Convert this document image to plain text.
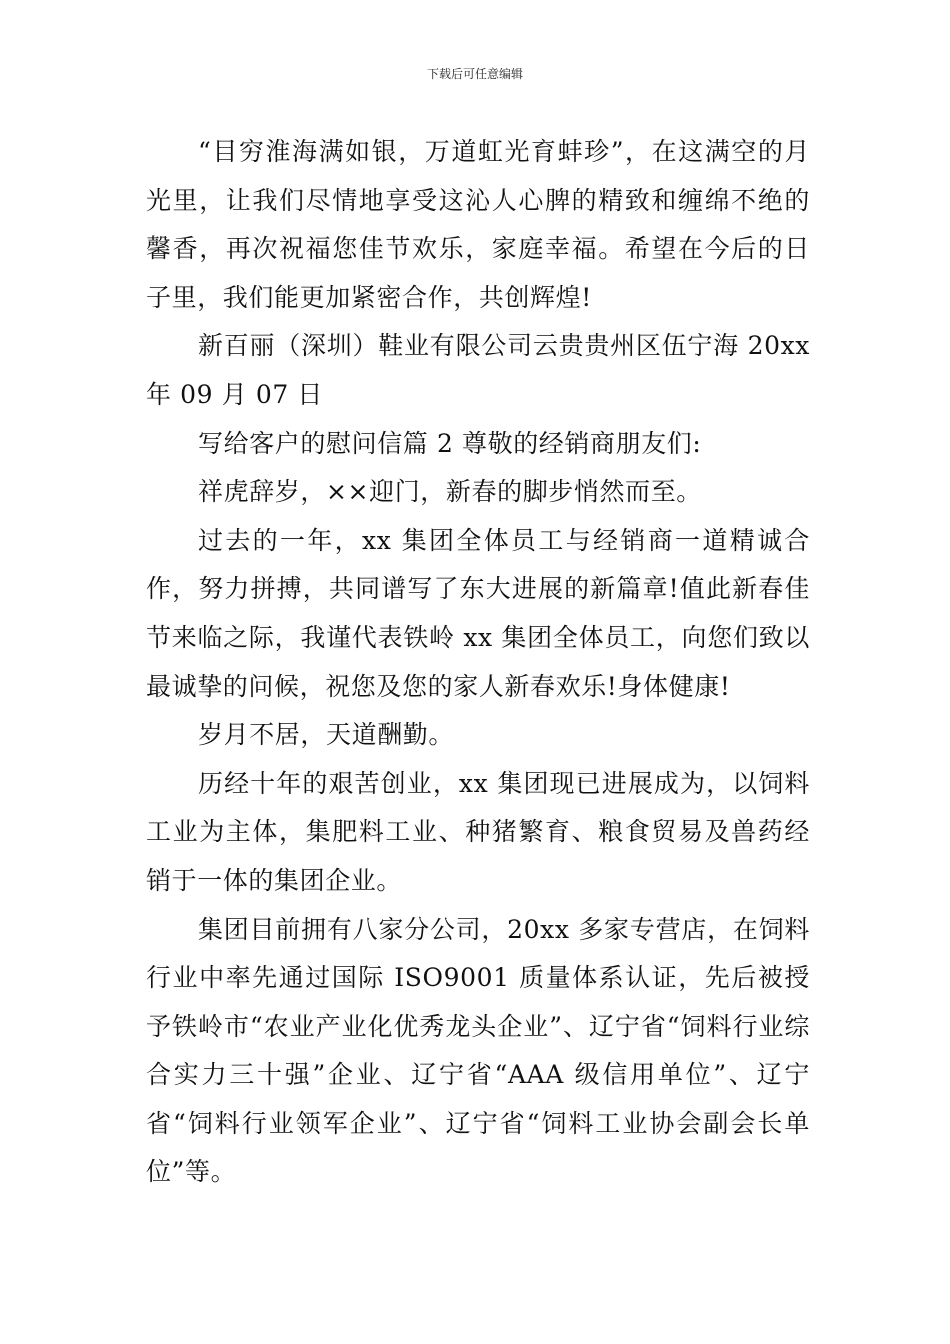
下载后可任意编辑

“目穷淮海满如银，万道虹光育蚌珍”，在这满空的月光里，让我们尽情地享受这沁人心脾的精致和缠绵不绝的馨香，再次祝福您佳节欢乐，家庭幸福。希望在今后的日子里，我们能更加紧密合作，共创辉煌!

新百丽（深圳）鞋业有限公司云贵贵州区伍宁海 20xx 年 09 月 07 日

写给客户的慰问信篇 2 尊敬的经销商朋友们:

祥虎辞岁，××迎门，新春的脚步悄然而至。

过去的一年，xx 集团全体员工与经销商一道精诚合作，努力拼搏，共同谱写了东大进展的新篇章!值此新春佳节来临之际，我谨代表铁岭 xx 集团全体员工，向您们致以最诚挚的问候，祝您及您的家人新春欢乐!身体健康!

岁月不居，天道酬勤。

历经十年的艰苦创业，xx 集团现已进展成为，以饲料工业为主体，集肥料工业、种猪繁育、粮食贸易及兽药经销于一体的集团企业。

集团目前拥有八家分公司，20xx 多家专营店，在饲料行业中率先通过国际 ISO9001 质量体系认证，先后被授予铁岭市“农业产业化优秀龙头企业”、辽宁省“饲料行业综合实力三十强”企业、辽宁省“AAA 级信用单位”、辽宁省“饲料行业领军企业”、辽宁省“饲料工业协会副会长单位”等。
